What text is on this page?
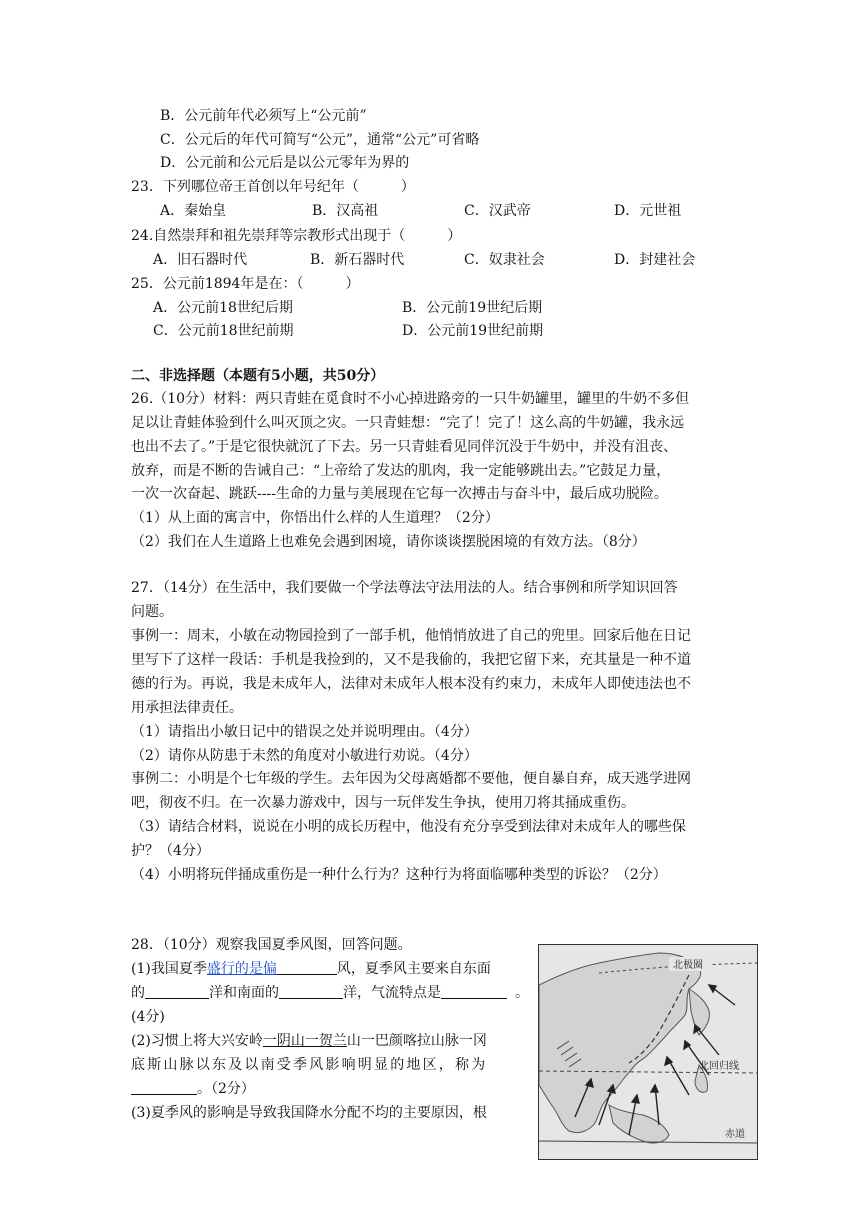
B．公元前年代必须写上“公元前”
C．公元后的年代可简写“公元”，通常“公元”可省略
D．公元前和公元后是以公元零年为界的
23．下列哪位帝王首创以年号纪年（　　　）
A．秦始皇	B．汉高祖	C．汉武帝	D．元世祖
24.自然崇拜和祖先崇拜等宗教形式出现于（　　　）
A．旧石器时代	B．新石器时代	C．奴隶社会	D．封建社会
25．公元前1894年是在：（　　　）
A．公元前18世纪后期	B．公元前19世纪后期
C．公元前18世纪前期	D．公元前19世纪前期
二、非选择题（本题有5小题，共50分）
26.（10分）材料：两只青蛙在觅食时不小心掉进路旁的一只牛奶罐里，罐里的牛奶不多但
足以让青蛙体验到什么叫灭顶之灾。一只青蛙想：“完了！完了！这么高的牛奶罐，我永远
也出不去了。”于是它很快就沉了下去。另一只青蛙看见同伴沉没于牛奶中，并没有沮丧、
放弃，而是不断的告诫自己：“上帝给了发达的肌肉，我一定能够跳出去。”它鼓足力量，
一次一次奋起、跳跃----生命的力量与美展现在它每一次搏击与奋斗中，最后成功脱险。
（1）从上面的寓言中，你悟出什么样的人生道理？（2分）
（2）我们在人生道路上也难免会遇到困境，请你谈谈摆脱困境的有效方法。（8分）
27．（14分）在生活中，我们要做一个学法尊法守法用法的人。结合事例和所学知识回答
问题。
事例一：周末，小敏在动物园捡到了一部手机，他悄悄放进了自己的兜里。回家后他在日记
里写下了这样一段话：手机是我捡到的，又不是我偷的，我把它留下来，充其量是一种不道
德的行为。再说，我是未成年人，法律对未成年人根本没有约束力，未成年人即使违法也不
用承担法律责任。
（1）请指出小敏日记中的错误之处并说明理由。（4分）
（2）请你从防患于未然的角度对小敏进行劝说。（4分）
事例二：小明是个七年级的学生。去年因为父母离婚都不要他，便自暴自弃，成天逃学进网
吧，彻夜不归。在一次暴力游戏中，因与一玩伴发生争执，使用刀将其捅成重伤。
（3）请结合材料，说说在小明的成长历程中，他没有充分享受到法律对未成年人的哪些保
护？（4分）
（4）小明将玩伴捅成重伤是一种什么行为？这种行为将面临哪种类型的诉讼？（2分）
28．（10分）观察我国夏季风图，回答问题。
(1)我国夏季盛行的是偏	风，夏季风主要来自东面
的	洋和南面的	洋，气流特点是	。
(4分)
(2)习惯上将大兴安岭一阴山一贺兰山一巴颜喀拉山脉一冈
底斯山脉以东及以南受季风影响明显的地区，称为
。（2分）
(3)夏季风的影响是导致我国降水分配不均的主要原因，根
北极圈
北回归线
赤道
